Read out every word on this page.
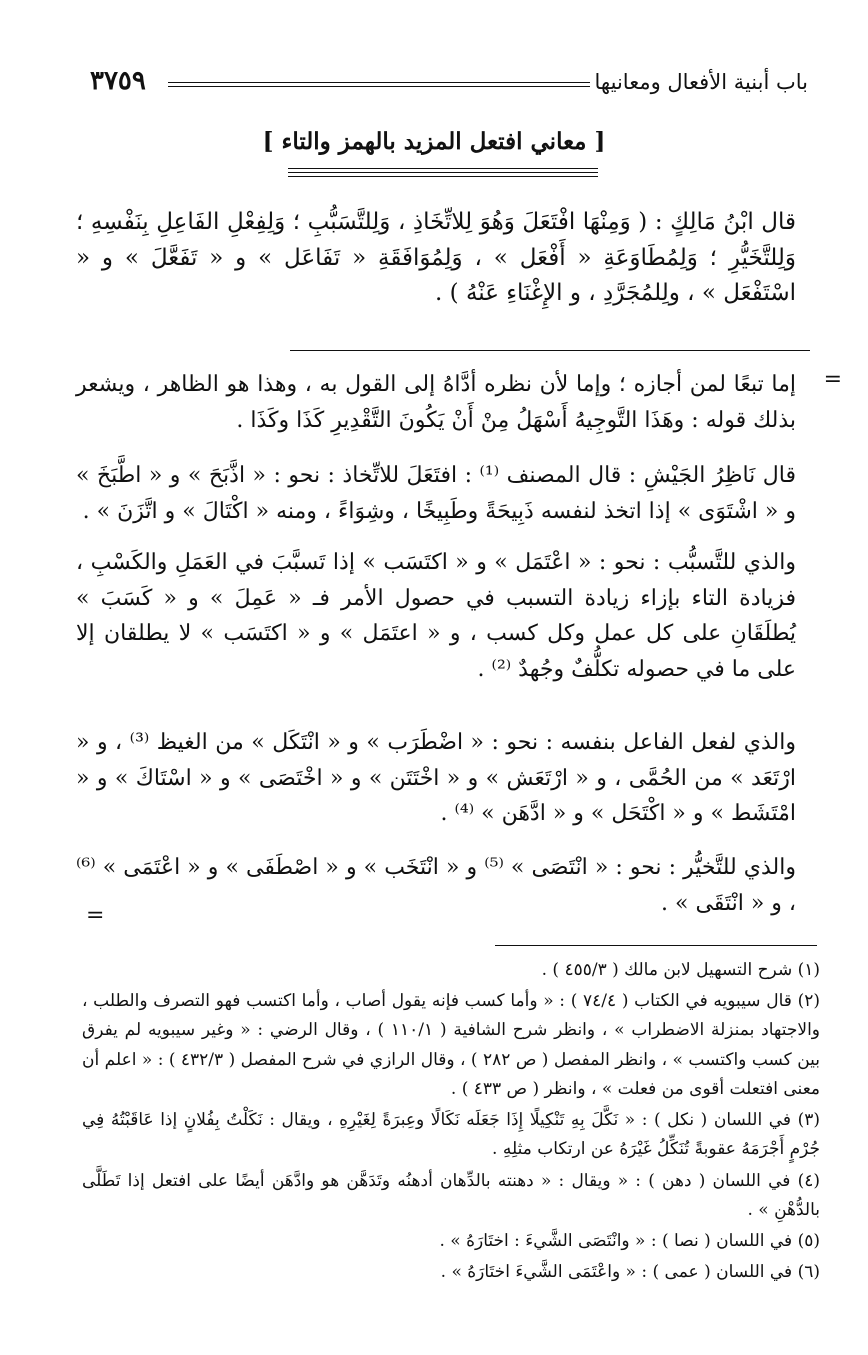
باب أبنية الأفعال ومعانيها
٣٧٥٩
[ معاني افتعل المزيد بالهمز والتاء ]
قال ابْنُ مَالِكٍ : ( وَمِنْهَا افْتَعَلَ وَهُوَ لِلاتِّخَاذِ ، وَلِلتَّسَبُّبِ ؛ وَلِفِعْلِ الفَاعِلِ بِنَفْسِهِ ؛ وَلِلتَّخَيُّرِ ؛ وَلِمُطَاوَعَةِ « أَفْعَل » ، وَلِمُوَافَقَةِ « تَفَاعَل » و « تَفَعَّلَ » و « اسْتَفْعَل » ، ولِلمُجَرَّدِ ، و الإِغْنَاءِ عَنْهُ ) .
=
إما تبعًا لمن أجازه ؛ وإما لأن نظره أدَّاهُ إلى القول به ، وهذا هو الظاهر ، ويشعر بذلك قوله : وهَذَا التَّوجِيهُ أَسْهَلُ مِنْ أَنْ يَكُونَ التَّقْدِيرِ كَذَا وكَذَا .
قال نَاظِرُ الجَيْشِ : قال المصنف ⁽¹⁾ : افتَعَلَ للاتِّخاذ : نحو : « اذَّبَحَ » و « اطَّبَخَ » و « اشْتَوَى » إذا اتخذ لنفسه ذَبِيحَةً وطَبِيخًا ، وشِوَاءً ، ومنه « اكْتَالَ » و اتَّزَنَ » .
والذي للتَّسبُّب : نحو : « اعْتَمَل » و « اكتَسَب » إذا تَسبَّبَ في العَمَلِ والكَسْبِ ، فزيادة التاء بإزاء زيادة التسبب في حصول الأمر فـ « عَمِلَ » و « كَسَبَ » يُطلَقَانِ على كل عمل وكل كسب ، و « اعتَمَل » و « اكتَسَب » لا يطلقان إلا على ما في حصوله تكلُّفٌ وجُهدٌ ⁽²⁾ .
والذي لفعل الفاعل بنفسه : نحو : « اضْطَرَب » و « انْتَكَل » من الغيظ ⁽³⁾ ، و « ارْتَعَد » من الحُمَّى ، و « ارْتَعَش » و « اخْتَتَن » و « اخْتَصَى » و « اسْتَاكَ » و « امْتَشَط » و « اكْتَحَل » و « ادَّهَن » ⁽⁴⁾ .
والذي للتَّخيُّر : نحو : « انْتَصَى » ⁽⁵⁾ و « انْتَخَب » و « اصْطَفَى » و « اعْتَمَى » ⁽⁶⁾ ، و « انْتَقَى » .
=

(١) شرح التسهيل لابن مالك ( ٤٥٥/٣ ) .

(٢) قال سيبويه في الكتاب ( ٧٤/٤ ) : « وأما كسب فإنه يقول أصاب ، وأما اكتسب فهو التصرف والطلب ، والاجتهاد بمنزلة الاضطراب » ، وانظر شرح الشافية ( ١١٠/١ ) ، وقال الرضي : « وغير سيبويه لم يفرق بين كسب واكتسب » ، وانظر المفصل ( ص ٢٨٢ ) ، وقال الرازي في شرح المفصل ( ٤٣٢/٣ ) : « اعلم أن معنى افتعلت أقوى من فعلت » ، وانظر ( ص ٤٣٣ ) .

(٣) في اللسان ( نكل ) : « نَكَّلَ بِهِ تَنْكِيلًا إِذَا جَعَلَه نَكَالًا وعِبرَةً لِغَيْرِهِ ، ويقال : نَكَلْتُ بِفُلانٍ إذا عَاقَبْتُهُ فِي جُرْمٍ أَجْرَمَهُ عقوبةً تُنَكِّلُ غَيْرَهُ عن ارتكاب مثلِهِ .

(٤) في اللسان ( دهن ) : « ويقال : « دهنته بالدِّهان أدهنُه وتَدَهَّن هو وادَّهَن أيضًا على افتعل إذا تَطَلَّى بالدُّهْنِ » .

(٥) في اللسان ( نصا ) : « وانْتَصَى الشَّيءَ : اختَارَهُ » .

(٦) في اللسان ( عمى ) : « واعْتَمَى الشَّيءَ اختَارَهُ » .
